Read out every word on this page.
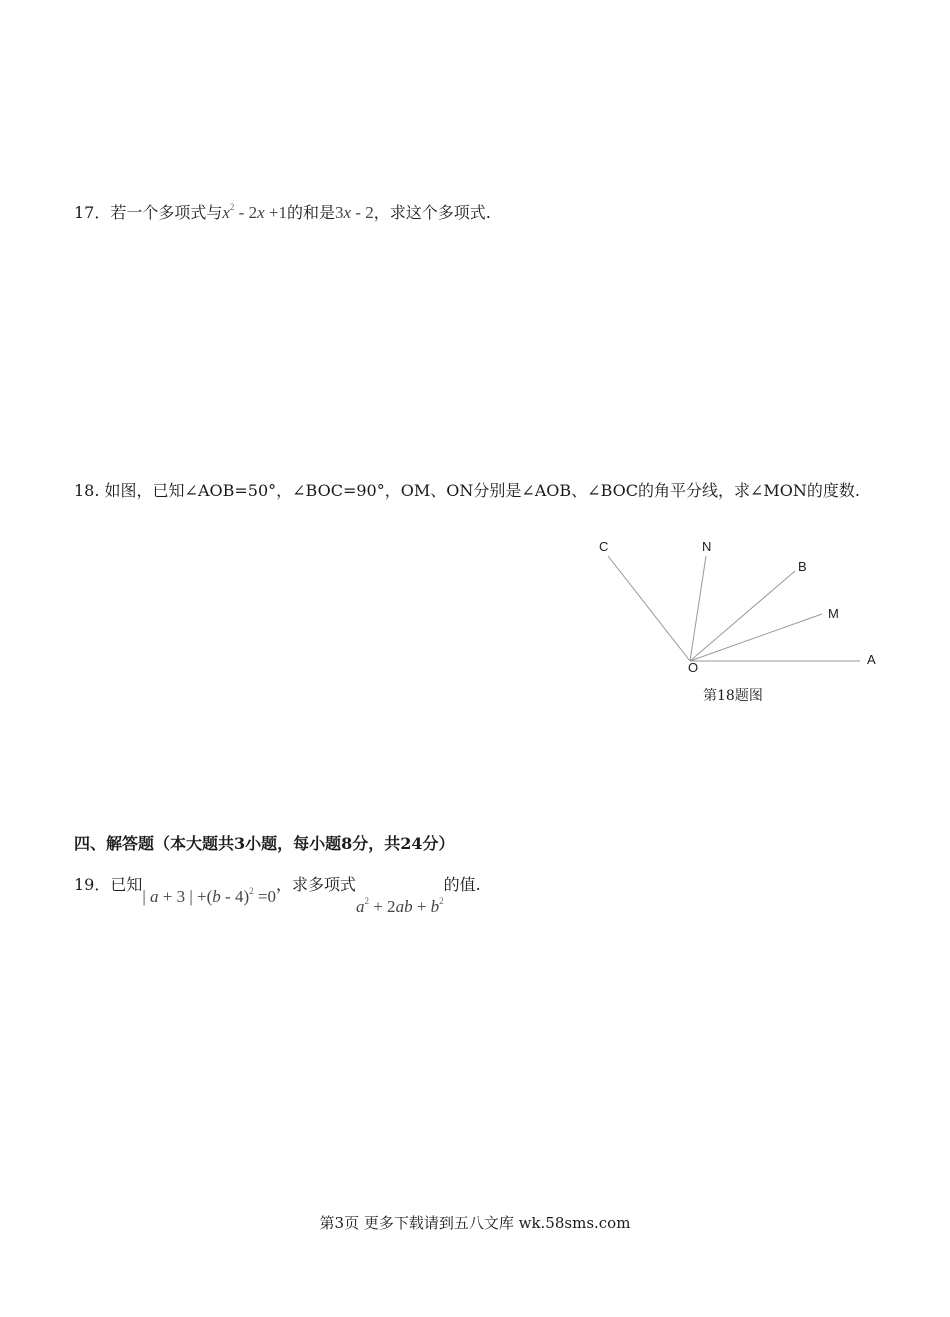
17．若一个多项式与$x^2 - 2x +1$的和是3x - 2，求这个多项式.
18. 如图，已知∠AOB=50°，∠BOC=90°，OM、ON分别是∠AOB、∠BOC的角平分线，求∠MON的度数.
C	N
B
M
O
A
第18题图
四、解答题（本大题共3小题，每小题8分，共24分）
19．已知| a + 3 | +(b - 4)$^2$ =0，求多项式$a^2 + 2ab + b^2$的值.
第3页 更多下载请到五八文库 wk.58sms.com
